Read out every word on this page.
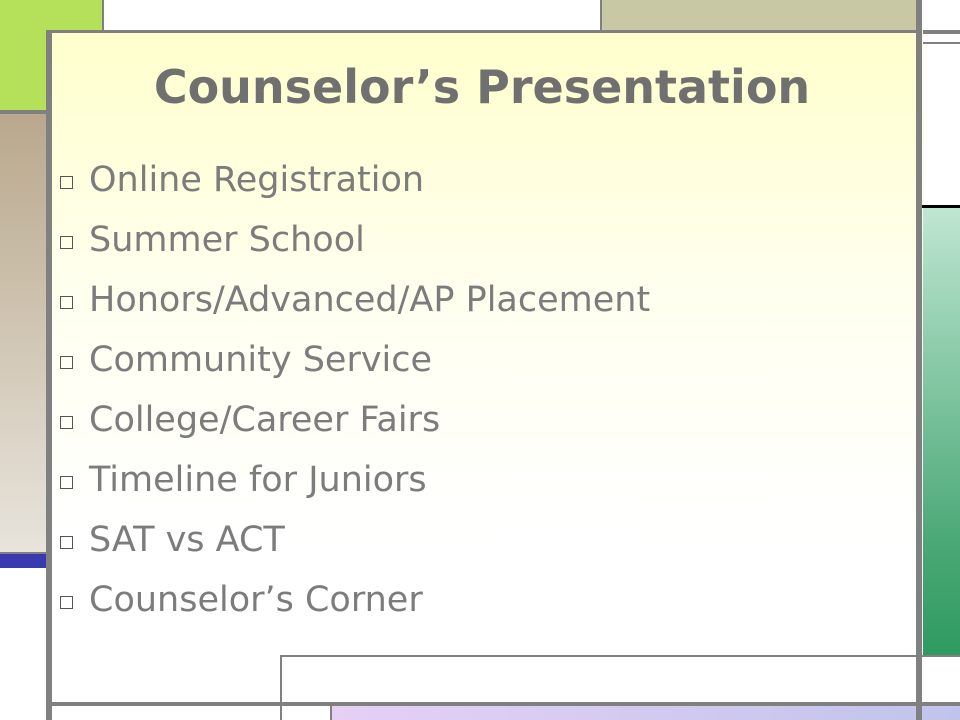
Counselor’s Presentation
Online Registration
Summer School
Honors/Advanced/AP Placement
Community Service
College/Career Fairs
Timeline for Juniors
SAT vs ACT
Counselor’s Corner
